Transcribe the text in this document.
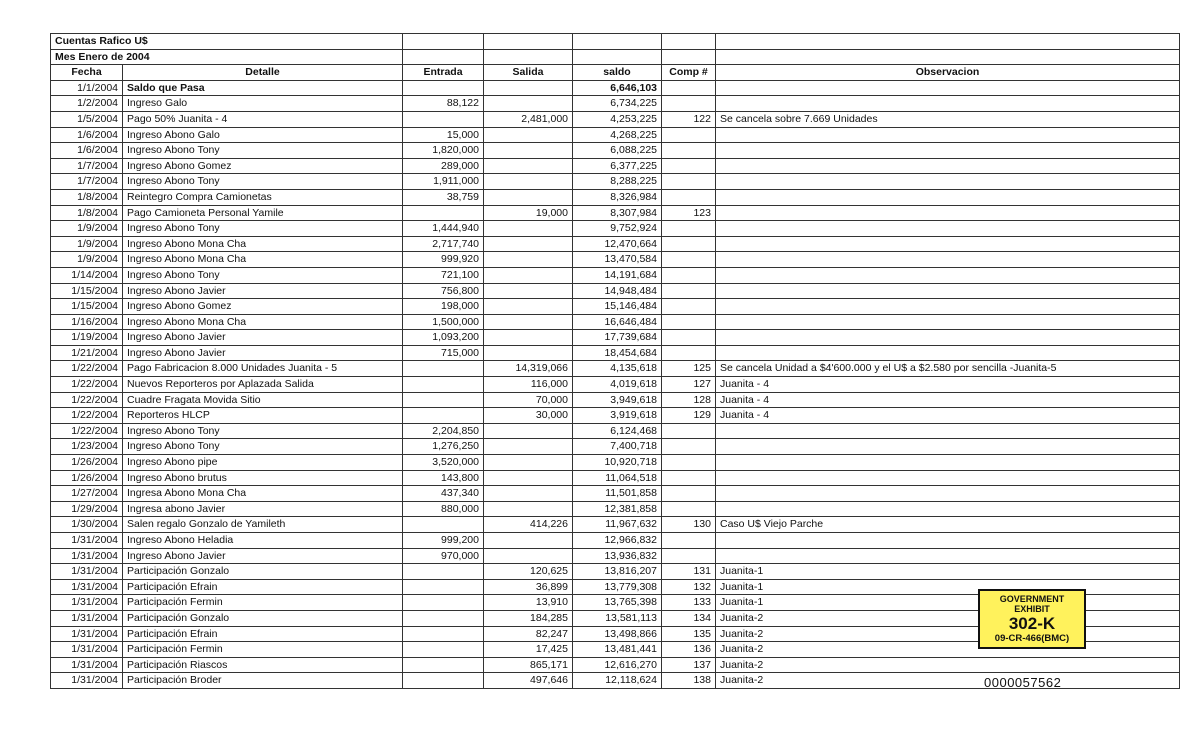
Cuentas Rafico U$						
Mes Enero de 2004						
Fecha	Detalle	Entrada	Salida	saldo	Comp #	Observacion
1/1/2004	Saldo que Pasa			6,646,103		
1/2/2004	Ingreso Galo	88,122		6,734,225		
1/5/2004	Pago 50% Juanita - 4		2,481,000	4,253,225	122	Se cancela sobre 7.669 Unidades
1/6/2004	Ingreso Abono Galo	15,000		4,268,225		
1/6/2004	Ingreso Abono Tony	1,820,000		6,088,225		
1/7/2004	Ingreso Abono Gomez	289,000		6,377,225		
1/7/2004	Ingreso Abono Tony	1,911,000		8,288,225		
1/8/2004	Reintegro Compra Camionetas	38,759		8,326,984		
1/8/2004	Pago Camioneta Personal Yamile		19,000	8,307,984	123	
1/9/2004	Ingreso Abono Tony	1,444,940		9,752,924		
1/9/2004	Ingreso Abono Mona Cha	2,717,740		12,470,664		
1/9/2004	Ingreso Abono Mona Cha	999,920		13,470,584		
1/14/2004	Ingreso Abono Tony	721,100		14,191,684		
1/15/2004	Ingreso Abono Javier	756,800		14,948,484		
1/15/2004	Ingreso Abono Gomez	198,000		15,146,484		
1/16/2004	Ingreso Abono Mona Cha	1,500,000		16,646,484		
1/19/2004	Ingreso Abono Javier	1,093,200		17,739,684		
1/21/2004	Ingreso Abono Javier	715,000		18,454,684		
1/22/2004	Pago Fabricacion 8.000 Unidades Juanita - 5		14,319,066	4,135,618	125	Se cancela Unidad a $4'600.000 y el U$ a $2.580 por sencilla -Juanita-5
1/22/2004	Nuevos Reporteros por Aplazada Salida		116,000	4,019,618	127	Juanita - 4
1/22/2004	Cuadre Fragata Movida Sitio		70,000	3,949,618	128	Juanita - 4
1/22/2004	Reporteros HLCP		30,000	3,919,618	129	Juanita - 4
1/22/2004	Ingreso Abono Tony	2,204,850		6,124,468		
1/23/2004	Ingreso Abono Tony	1,276,250		7,400,718		
1/26/2004	Ingreso Abono pipe	3,520,000		10,920,718		
1/26/2004	Ingreso Abono brutus	143,800		11,064,518		
1/27/2004	Ingresa Abono Mona Cha	437,340		11,501,858		
1/29/2004	Ingresa abono Javier	880,000		12,381,858		
1/30/2004	Salen regalo Gonzalo de Yamileth		414,226	11,967,632	130	Caso U$ Viejo Parche
1/31/2004	Ingreso Abono Heladia	999,200		12,966,832		
1/31/2004	Ingreso Abono Javier	970,000		13,936,832		
1/31/2004	Participación Gonzalo		120,625	13,816,207	131	Juanita-1
1/31/2004	Participación Efrain		36,899	13,779,308	132	Juanita-1
1/31/2004	Participación Fermin		13,910	13,765,398	133	Juanita-1
1/31/2004	Participación Gonzalo		184,285	13,581,113	134	Juanita-2
1/31/2004	Participación Efrain		82,247	13,498,866	135	Juanita-2
1/31/2004	Participación Fermin		17,425	13,481,441	136	Juanita-2
1/31/2004	Participación Riascos		865,171	12,616,270	137	Juanita-2
1/31/2004	Participación Broder		497,646	12,118,624	138	Juanita-2
GOVERNMENT
EXHIBIT
302-K
09-CR-466(BMC)
0000057562
